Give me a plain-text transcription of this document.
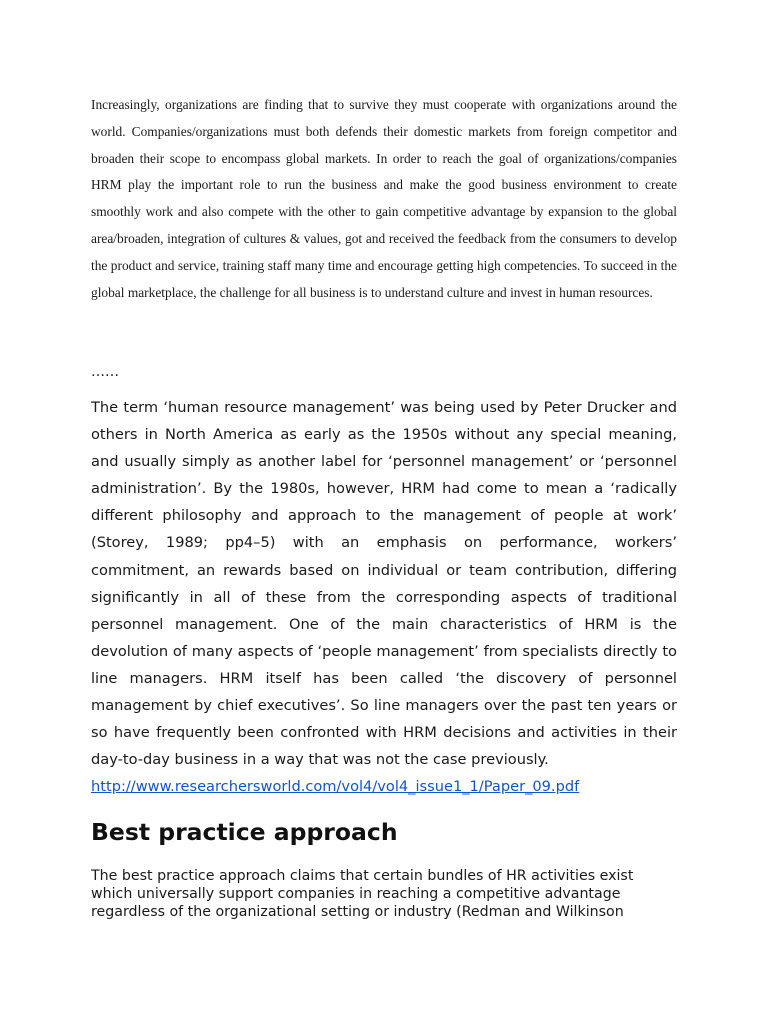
Increasingly, organizations are finding that to survive they must cooperate with organizations around the world. Companies/organizations must both defends their domestic markets from foreign competitor and broaden their scope to encompass global markets. In order to reach the goal of organizations/companies HRM play the important role to run the business and make the good business environment to create smoothly work and also compete with the other to gain competitive advantage by expansion to the global area/broaden, integration of cultures & values, got and received the feedback from the consumers to develop the product and service, training staff many time and encourage getting high competencies. To succeed in the global marketplace, the challenge for all business is to understand culture and invest in human resources.

……

The term ‘human resource management’ was being used by Peter Drucker and others in North America as early as the 1950s without any special meaning, and usually simply as another label for ‘personnel management’ or ‘personnel administration’. By the 1980s, however, HRM had come to mean a ‘radically different philosophy and approach to the management of people at work’ (Storey, 1989; pp4–5) with an emphasis on performance, workers’ commitment, an rewards based on individual or team contribution, differing significantly in all of these from the corresponding aspects of traditional personnel management. One of the main characteristics of HRM is the devolution of many aspects of ‘people management’ from specialists directly to line managers. HRM itself has been called ‘the discovery of personnel management by chief executives’. So line managers over the past ten years or so have frequently been confronted with HRM decisions and activities in their day-to-day business in a way that was not the case previously.

http://www.researchersworld.com/vol4/vol4_issue1_1/Paper_09.pdf
Best practice approach

The best practice approach claims that certain bundles of HR activities exist which universally support companies in reaching a competitive advantage regardless of the organizational setting or industry (Redman and Wilkinson
